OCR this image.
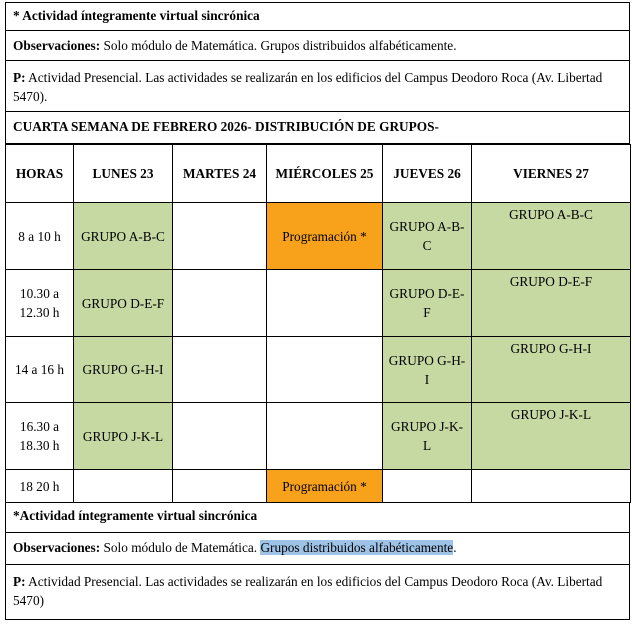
* Actividad íntegramente virtual sincrónica
Observaciones: Solo módulo de Matemática. Grupos distribuidos alfabéticamente.
P: Actividad Presencial. Las actividades se realizarán en los edificios del Campus Deodoro Roca (Av. Libertad 5470).
CUARTA SEMANA DE FEBRERO 2026- DISTRIBUCIÓN DE GRUPOS-
HORAS	LUNES 23	MARTES 24	MIÉRCOLES 25	JUEVES 26	VIERNES 27
8 a 10 h	GRUPO A-B-C		Programación *	GRUPO A-B-C	GRUPO A-B-C
10.30 a 12.30 h	GRUPO D-E-F			GRUPO D-E-F	GRUPO D-E-F
14 a 16 h	GRUPO G-H-I			GRUPO G-H-I	GRUPO G-H-I
16.30 a 18.30 h	GRUPO J-K-L			GRUPO J-K-L	GRUPO J-K-L
18 20 h			Programación *		
*Actividad íntegramente virtual sincrónica
Observaciones: Solo módulo de Matemática. Grupos distribuidos alfabéticamente.
P: Actividad Presencial. Las actividades se realizarán en los edificios del Campus Deodoro Roca (Av. Libertad 5470)
